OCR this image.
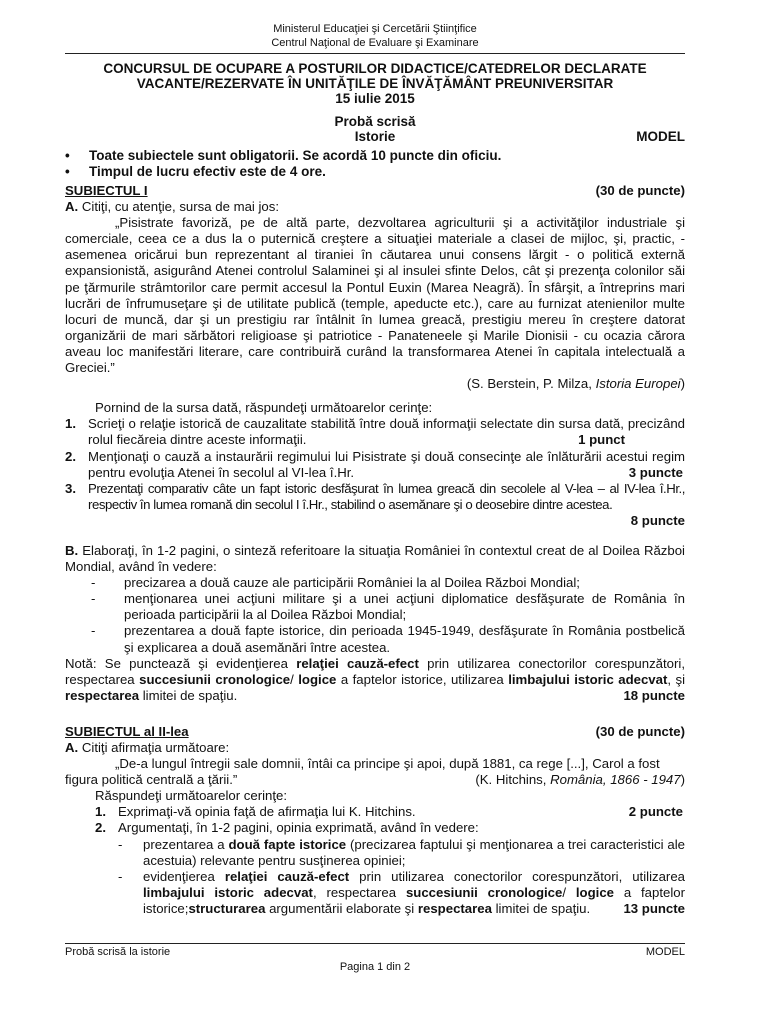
Ministerul Educaţiei şi Cercetării Ştiinţifice
Centrul Naţional de Evaluare şi Examinare
CONCURSUL DE OCUPARE A POSTURILOR DIDACTICE/CATEDRELOR DECLARATE
VACANTE/REZERVATE ÎN UNITĂŢILE DE ÎNVĂŢĂMÂNT PREUNIVERSITAR
15 iulie 2015
Probă scrisă
Istorie	MODEL
•	Toate subiectele sunt obligatorii. Se acordă 10 puncte din oficiu.
•	Timpul de lucru efectiv este de 4 ore.
SUBIECTUL I	(30 de puncte)
A. Citiţi, cu atenţie, sursa de mai jos:
„Pisistrate favoriză, pe de altă parte, dezvoltarea agriculturii şi a activităţilor industriale şi comerciale, ceea ce a dus la o puternică creştere a situaţiei materiale a clasei de mijloc, şi, practic, - asemenea oricărui bun reprezentant al tiraniei în căutarea unui consens lărgit - o politică externă expansionistă, asigurând Atenei controlul Salaminei şi al insulei sfinte Delos, cât şi prezenţa colonilor săi pe ţărmurile strâmtorilor care permit accesul la Pontul Euxin (Marea Neagră). În sfârşit, a întreprins mari lucrări de înfrumuseţare şi de utilitate publică (temple, apeducte etc.), care au furnizat atenienilor multe locuri de muncă, dar şi un prestigiu rar întâlnit în lumea greacă, prestigiu mereu în creştere datorat organizării de mari sărbători religioase şi patriotice - Panateneele şi Marile Dionisii - cu ocazia cărora aveau loc manifestări literare, care contribuiră curând la transformarea Atenei în capitala intelectuală a Greciei.”
(S. Berstein, P. Milza, Istoria Europei)
Pornind de la sursa dată, răspundeţi următoarelor cerinţe:
1. Scrieţi o relaţie istorică de cauzalitate stabilită între două informaţii selectate din sursa dată, precizând rolul fiecăreia dintre aceste informaţii.	1 punct
2. Menţionaţi o cauză a instaurării regimului lui Pisistrate şi două consecinţe ale înlăturării acestui regim pentru evoluţia Atenei în secolul al VI-lea î.Hr.	3 puncte
3. Prezentaţi comparativ câte un fapt istoric desfăşurat în lumea greacă din secolele al V-lea – al IV-lea î.Hr., respectiv în lumea romană din secolul I î.Hr., stabilind o asemănare şi o deosebire dintre acestea.
8 puncte
B. Elaboraţi, în 1-2 pagini, o sinteză referitoare la situaţia României în contextul creat de al Doilea Război Mondial, având în vedere:
-	precizarea a două cauze ale participării României la al Doilea Război Mondial;
-	menţionarea unei acţiuni militare şi a unei acţiuni diplomatice desfăşurate de România în perioada participării la al Doilea Război Mondial;
-	prezentarea a două fapte istorice, din perioada 1945-1949, desfăşurate în România postbelică şi explicarea a două asemănări între acestea.
Notă: Se punctează şi evidenţierea relaţiei cauză-efect prin utilizarea conectorilor corespunzători, respectarea succesiunii cronologice/ logice a faptelor istorice, utilizarea limbajului istoric adecvat, şi respectarea limitei de spaţiu.	18 puncte
SUBIECTUL al II-lea	(30 de puncte)
A. Citiţi afirmaţia următoare:
„De-a lungul întregii sale domnii, întâi ca principe şi apoi, după 1881, ca rege [...], Carol a fost figura politică centrală a ţării.”	(K. Hitchins, România, 1866 - 1947)
Răspundeţi următoarelor cerinţe:
1. Exprimaţi-vă opinia faţă de afirmaţia lui K. Hitchins.	2 puncte
2. Argumentaţi, în 1-2 pagini, opinia exprimată, având în vedere:
-	prezentarea a două fapte istorice (precizarea faptului şi menţionarea a trei caracteristici ale acestuia) relevante pentru susţinerea opiniei;
-	evidenţierea relaţiei cauză-efect prin utilizarea conectorilor corespunzători, utilizarea limbajului istoric adecvat, respectarea succesiunii cronologice/ logice a faptelor istorice;structurarea argumentării elaborate şi respectarea limitei de spaţiu.	13 puncte
Probă scrisă la istorie	MODEL
Pagina 1 din 2
